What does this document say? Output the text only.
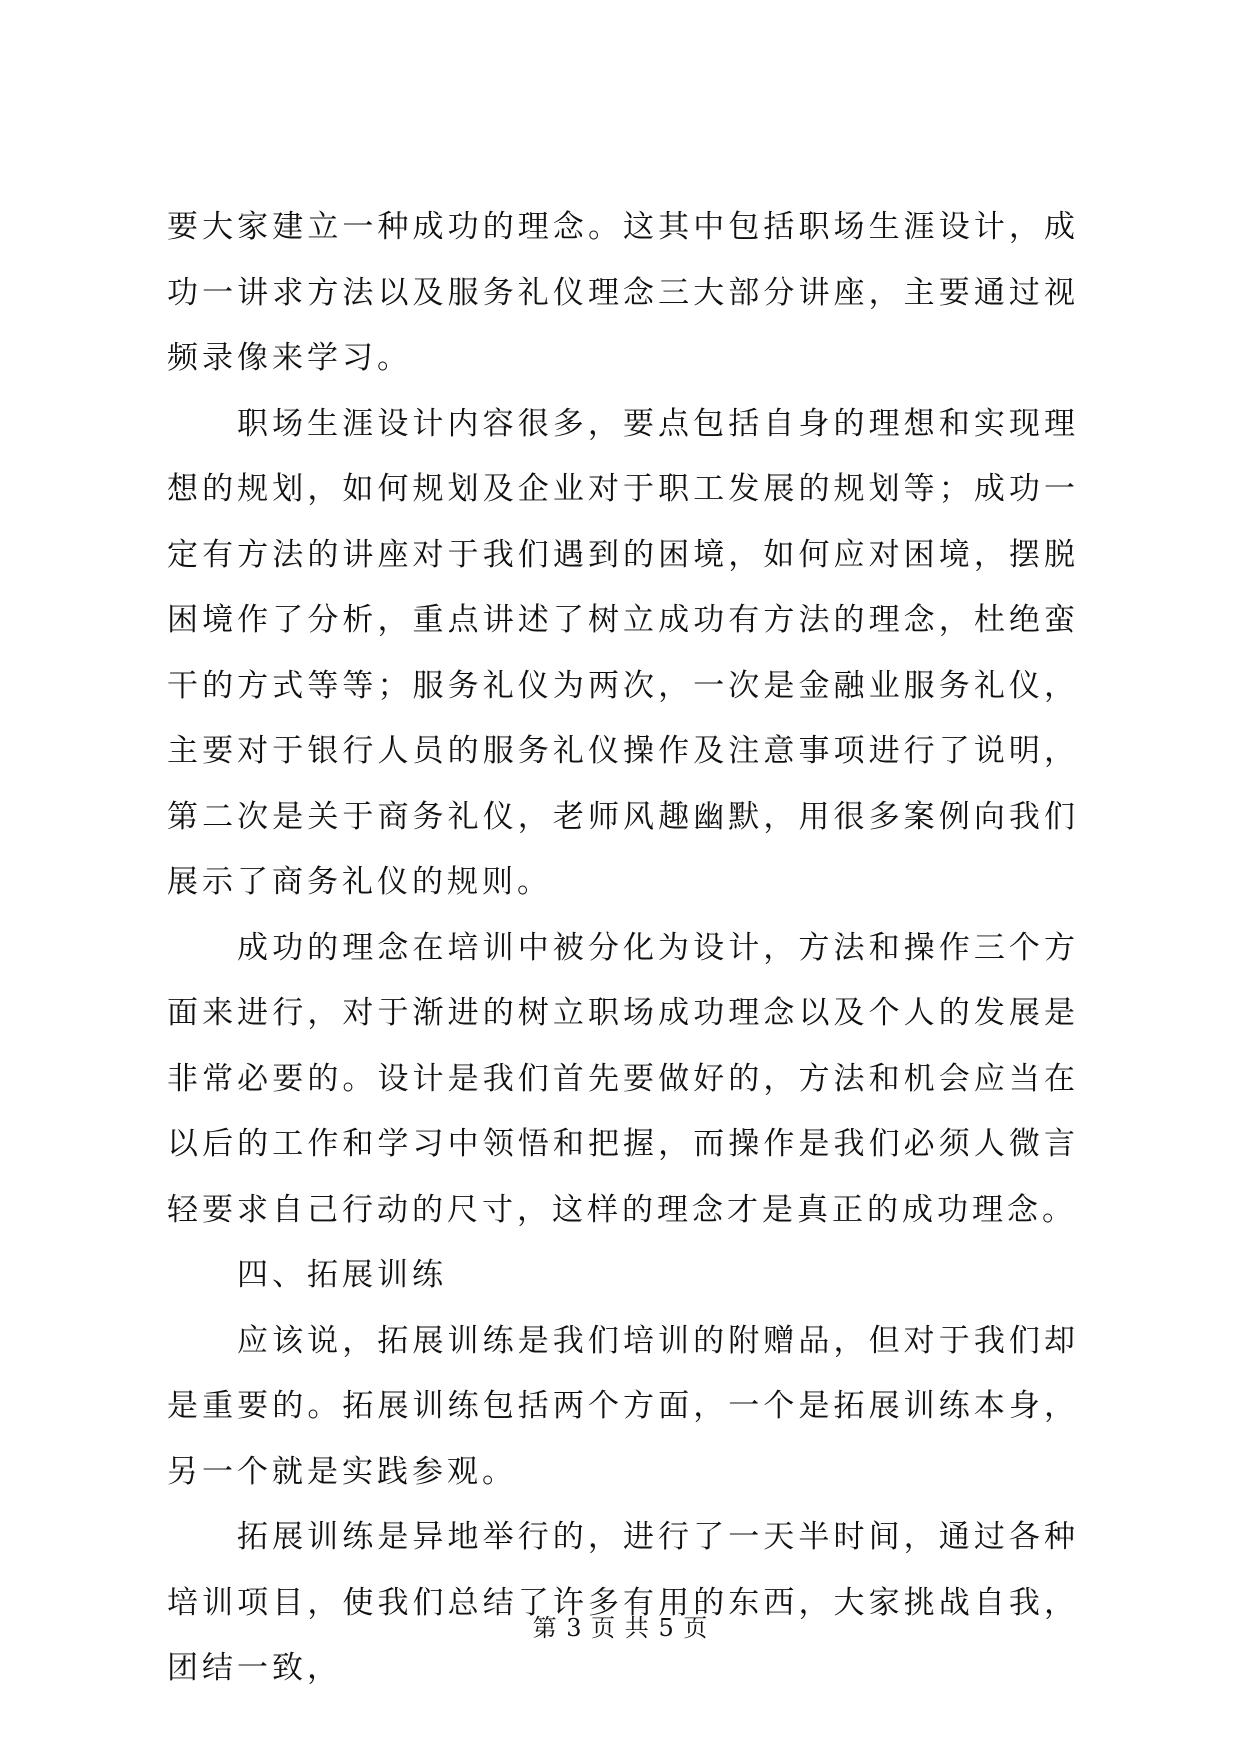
要大家建立一种成功的理念。这其中包括职场生涯设计，成功一讲求方法以及服务礼仪理念三大部分讲座，主要通过视频录像来学习。

职场生涯设计内容很多，要点包括自身的理想和实现理想的规划，如何规划及企业对于职工发展的规划等；成功一定有方法的讲座对于我们遇到的困境，如何应对困境，摆脱困境作了分析，重点讲述了树立成功有方法的理念，杜绝蛮干的方式等等；服务礼仪为两次，一次是金融业服务礼仪，主要对于银行人员的服务礼仪操作及注意事项进行了说明，第二次是关于商务礼仪，老师风趣幽默，用很多案例向我们展示了商务礼仪的规则。

成功的理念在培训中被分化为设计，方法和操作三个方面来进行，对于渐进的树立职场成功理念以及个人的发展是非常必要的。设计是我们首先要做好的，方法和机会应当在以后的工作和学习中领悟和把握，而操作是我们必须人微言轻要求自己行动的尺寸，这样的理念才是真正的成功理念。

四、拓展训练

应该说，拓展训练是我们培训的附赠品，但对于我们却是重要的。拓展训练包括两个方面，一个是拓展训练本身，另一个就是实践参观。

拓展训练是异地举行的，进行了一天半时间，通过各种培训项目，使我们总结了许多有用的东西，大家挑战自我，团结一致，

第 3 页 共 5 页
